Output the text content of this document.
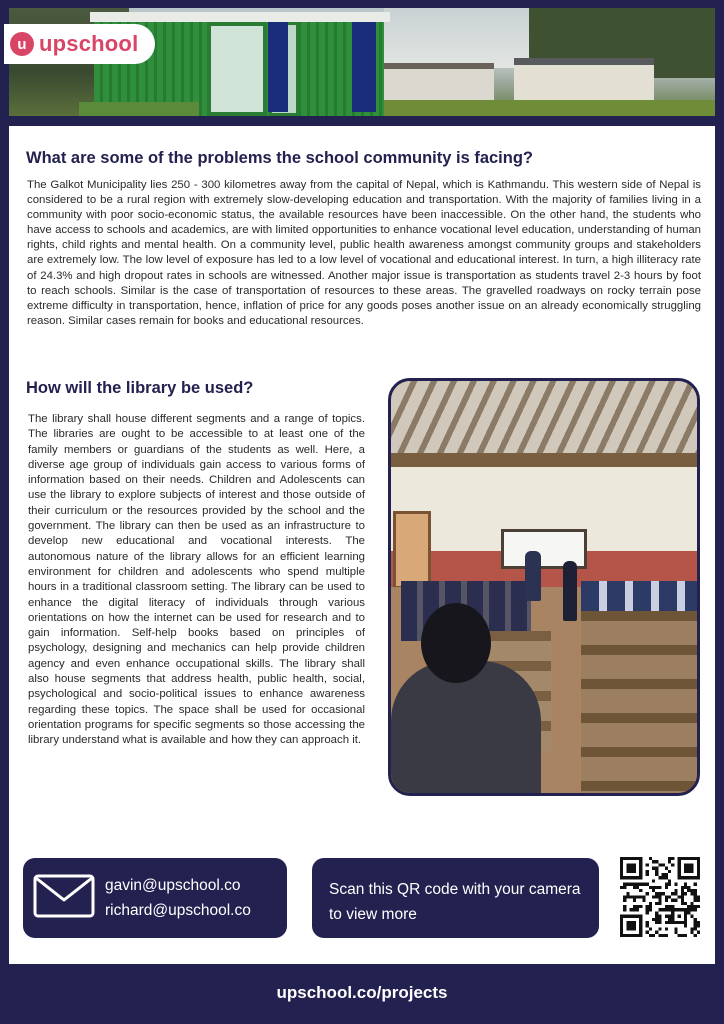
u upschool
What are some of the problems the school community is facing?

The Galkot Municipality lies 250 - 300 kilometres away from the capital of Nepal, which is Kathmandu. This western side of Nepal is considered to be a rural region with extremely slow-developing education and transportation. With the majority of families living in a community with poor socio-economic status, the available resources have been inaccessible. On the other hand, the students who have access to schools and academics, are with limited opportunities to enhance vocational level education, understanding of human rights, child rights and mental health. On a community level, public health awareness amongst community groups and stakeholders are extremely low. The low level of exposure has led to a low level of vocational and educational interest. In turn, a high illiteracy rate of 24.3% and high dropout rates in schools are witnessed. Another major issue is transportation as students travel 2-3 hours by foot to reach schools. Similar is the case of transportation of resources to these areas. The gravelled roadways on rocky terrain pose extreme difficulty in transportation, hence, inflation of price for any goods poses another issue on an already economically struggling reason. Similar cases remain for books and educational resources.

How will the library be used?

The library shall house different segments and a range of topics. The libraries are ought to be accessible to at least one of the family members or guardians of the students as well. Here, a diverse age group of individuals gain access to various forms of information based on their needs. Children and Adolescents can use the library to explore subjects of interest and those outside of their curriculum or the resources provided by the school and the government. The library can then be used as an infrastructure to develop new educational and vocational interests. The autonomous nature of the library allows for an efficient learning environment for children and adolescents who spend multiple hours in a traditional classroom setting. The library can be used to enhance the digital literacy of individuals through various orientations on how the internet can be used for research and to gain information. Self-help books based on principles of psychology, designing and mechanics can help provide children agency and even enhance occupational skills. The library shall also house segments that address health, public health, social, psychological and socio-political issues to enhance awareness regarding these topics. The space shall be used for occasional orientation programs for specific segments so those accessing the library understand what is available and how they can approach it.

gavin@upschool.co
richard@upschool.co
Scan this QR code with your camera to view more
upschool.co/projects
